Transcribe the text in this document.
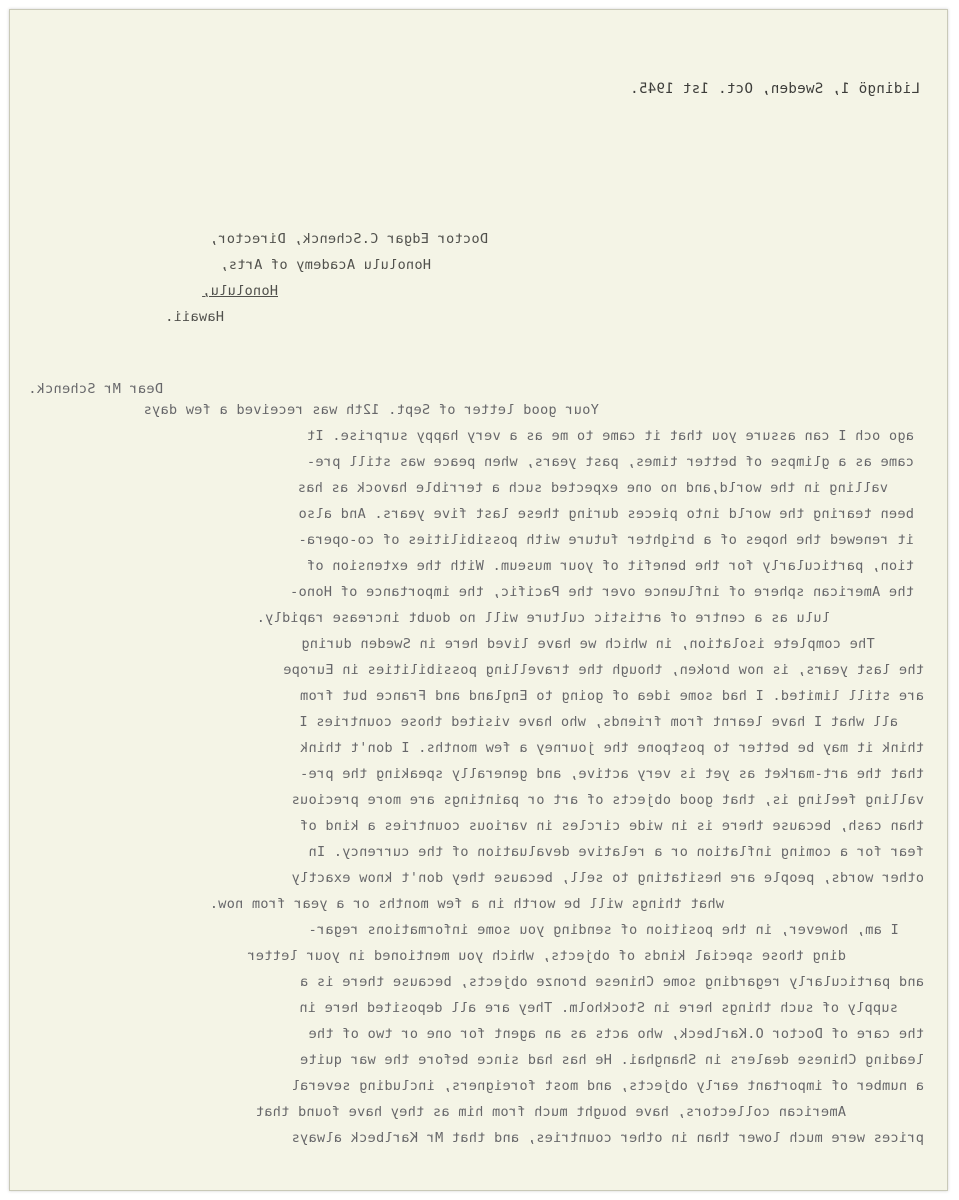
Lidingö 1, Sweden, Oct. 1st 1945.
Doctor Edgar C.Schenck, Director,
Honolulu Academy of Arts,
Honolulu,
Hawaii.
Dear Mr Schenck.
Your good letter of Sept. 12th was received a few days
ago och I can assure you that it came to me as a very happy surprise. It
came as a glimpse of better times, past years, when peace was still pre-
valling in the world,and no one expected such a terrible havock as has
been tearing the world into pieces during these last five years. And also
it renewed the hopes of a brighter future with possibilities of co-opera-
tion, particularly for the benefit of your museum. With the extension of
the American sphere of influence over the Pacific, the importance of Hono-
lulu as a centre of artistic culture will no doubt increase rapidly.
The complete isolation, in which we have lived here in Sweden during
the last years, is now broken, though the travelling possibilities in Europe
are still limited. I had some idea of going to England and France but from
all what I have learnt from friends, who have visited those countries I
think it may be better to postpone the journey a few months. I don't think
that the art-market as yet is very active, and generally speaking the pre-
valling feeling is, that good objects of art or paintings are more precious
than cash, because there is in wide circles in various countries a kind of
fear for a coming inflation or a relative devaluation of the currency. In
other words, people are hesitating to sell, because they don't know exactly
what things will be worth in a few months or a year from now.
I am, however, in the position of sending you some informations regar-
ding those special kinds of objects, which you mentioned in your letter
and particularly regarding some Chinese bronze objects, because there is a
supply of such things here in Stockholm. They are all deposited here in
the care of Doctor O.Karlbeck, who acts as an agent for one or two of the
leading Chinese dealers in Shanghai. He has had since before the war quite
a number of important early objects, and most foreigners, including several
American collectors, have bought much from him as they have found that
prices were much lower than in other countries, and that Mr Karlbeck always
